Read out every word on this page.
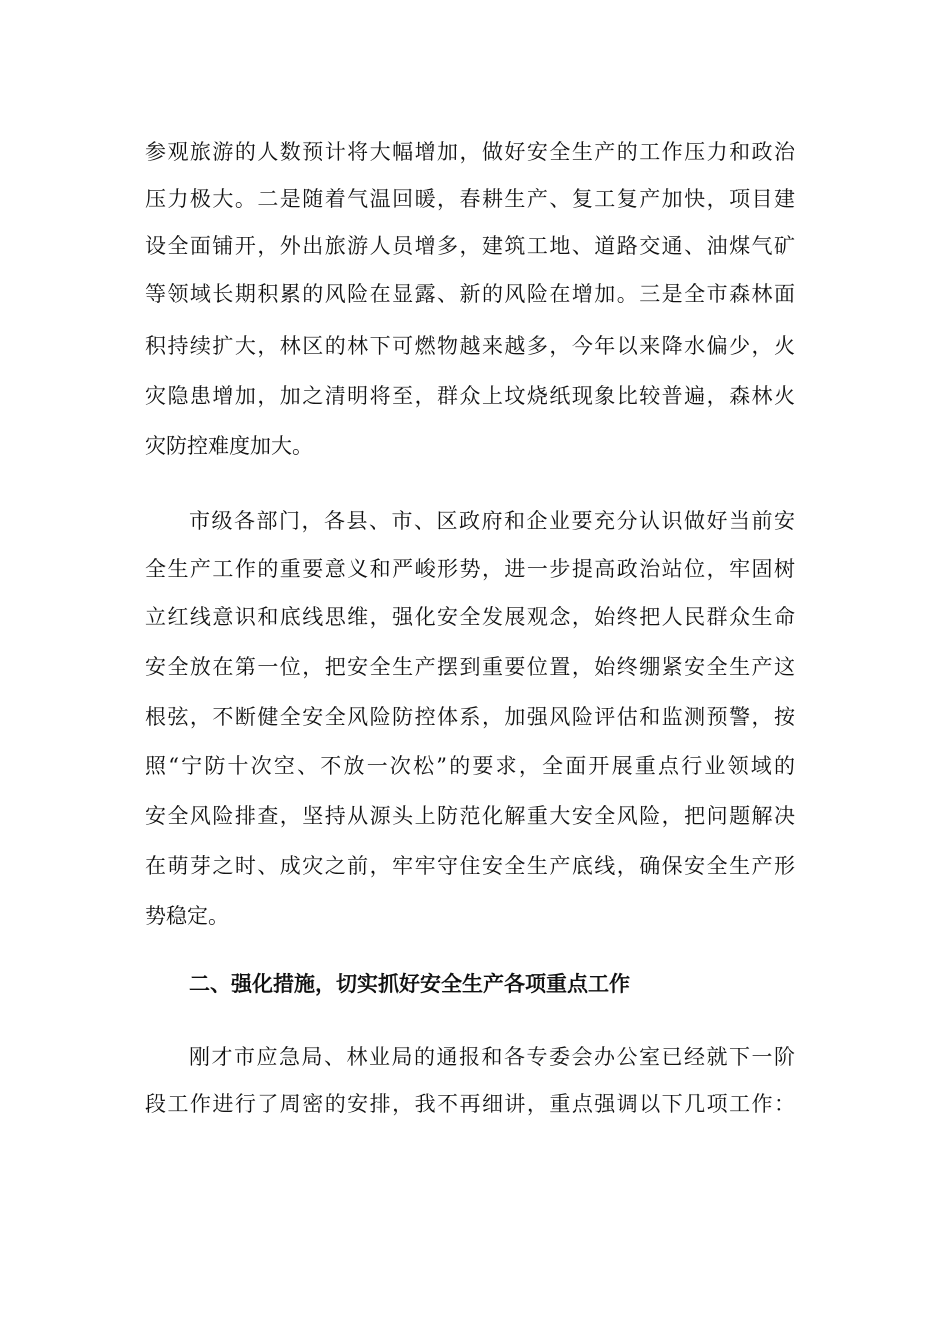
参观旅游的人数预计将大幅增加，做好安全生产的工作压力和政治
压力极大。二是随着气温回暖，春耕生产、复工复产加快，项目建
设全面铺开，外出旅游人员增多，建筑工地、道路交通、油煤气矿
等领域长期积累的风险在显露、新的风险在增加。三是全市森林面
积持续扩大，林区的林下可燃物越来越多，今年以来降水偏少，火
灾隐患增加，加之清明将至，群众上坟烧纸现象比较普遍，森林火
灾防控难度加大。
市级各部门，各县、市、区政府和企业要充分认识做好当前安
全生产工作的重要意义和严峻形势，进一步提高政治站位，牢固树
立红线意识和底线思维，强化安全发展观念，始终把人民群众生命
安全放在第一位，把安全生产摆到重要位置，始终绷紧安全生产这
根弦，不断健全安全风险防控体系，加强风险评估和监测预警，按
照“宁防十次空、不放一次松”的要求，全面开展重点行业领域的
安全风险排查，坚持从源头上防范化解重大安全风险，把问题解决
在萌芽之时、成灾之前，牢牢守住安全生产底线，确保安全生产形
势稳定。
二、强化措施，切实抓好安全生产各项重点工作
刚才市应急局、林业局的通报和各专委会办公室已经就下一阶
段工作进行了周密的安排，我不再细讲，重点强调以下几项工作：
